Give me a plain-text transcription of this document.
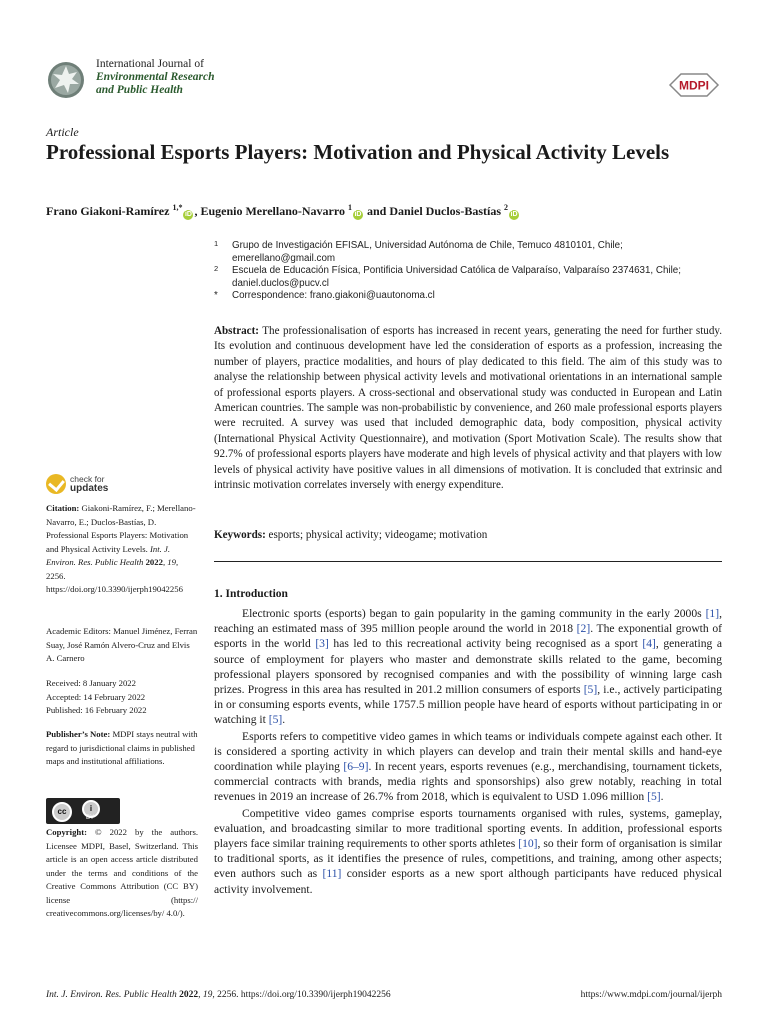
International Journal of
Environmental Research
and Public Health	MDPI
Article
Professional Esports Players: Motivation and Physical Activity Levels
Frano Giakoni-Ramírez $^{1,*}$iD , Eugenio Merellano-Navarro $^1$iD and Daniel Duclos-Bastías $^2$iD
1 Grupo de Investigación EFISAL, Universidad Autónoma de Chile, Temuco 4810101, Chile; emerellano@gmail.com
2 Escuela de Educación Física, Pontificia Universidad Católica de Valparaíso, Valparaíso 2374631, Chile; daniel.duclos@pucv.cl
* Correspondence: frano.giakoni@uautonoma.cl
Abstract: The professionalisation of esports has increased in recent years, generating the need for further study. Its evolution and continuous development have led the consideration of esports as a profession, increasing the number of players, practice modalities, and hours of play dedicated to this field. The aim of this study was to analyse the relationship between physical activity levels and motivational orientations in an international sample of professional esports players. A cross-sectional and observational study was conducted in European and Latin American countries. The sample was non-probabilistic by convenience, and 260 male professional esports players were recruited. A survey was used that included demographic data, body composition, physical activity (International Physical Activity Questionnaire), and motivation (Sport Motivation Scale). The results show that 92.7% of professional esports players have moderate and high levels of physical activity and that players with low levels of physical activity have positive values in all dimensions of motivation. It is concluded that extrinsic and intrinsic motivation correlates inversely with energy expenditure.
Keywords: esports; physical activity; videogame; motivation
1. Introduction

Electronic sports (esports) began to gain popularity in the gaming community in the early 2000s [1], reaching an estimated mass of 395 million people around the world in 2018 [2]. The exponential growth of esports in the world [3] has led to this recreational activity being recognised as a sport [4], generating a source of employment for players who master and demonstrate skills related to the game, becoming professional players sponsored by recognised companies and with the possibility of winning large cash prizes. Progress in this area has resulted in 201.2 million consumers of esports [5], i.e., actively participating in or consuming esports events, while 1757.5 million people have heard of esports without participating in or watching it [5].

Esports refers to competitive video games in which teams or individuals compete against each other. It is considered a sporting activity in which players can develop and train their mental skills and hand-eye coordination while playing [6–9]. In recent years, esports revenues (e.g., merchandising, tournament tickets, commercial contracts with brands, media rights and sponsorships) also grew notably, reaching in total revenues in 2019 an increase of 26.7% from 2018, which is equivalent to USD 1.096 million [5].

Competitive video games comprise esports tournaments organised with rules, systems, gameplay, evaluation, and broadcasting similar to more traditional sporting events. In addition, professional esports players face similar training requirements to other sports athletes [10], so their form of organisation is similar to traditional sports, as it identifies the presence of rules, competitions, and training, among other aspects; even authors such as [11] consider esports as a new sport although participants have reduced physical activity involvement.

check for
updates
Citation: Giakoni-Ramírez, F.; Merellano-Navarro, E.; Duclos-Bastías, D. Professional Esports Players: Motivation and Physical Activity Levels. Int. J. Environ. Res. Public Health 2022, 19, 2256. https://doi.org/10.3390/ijerph19042256
Academic Editors: Manuel Jiménez, Ferran Suay, José Ramón Alvero-Cruz and Elvis A. Carnero
Received: 8 January 2022
Accepted: 14 February 2022
Published: 16 February 2022
Publisher’s Note: MDPI stays neutral with regard to jurisdictional claims in published maps and institutional affiliations.
cc	i
BY
Copyright: © 2022 by the authors. Licensee MDPI, Basel, Switzerland. This article is an open access article distributed under the terms and conditions of the Creative Commons Attribution (CC BY) license (https:// creativecommons.org/licenses/by/ 4.0/).
Int. J. Environ. Res. Public Health 2022, 19, 2256. https://doi.org/10.3390/ijerph19042256	https://www.mdpi.com/journal/ijerph
